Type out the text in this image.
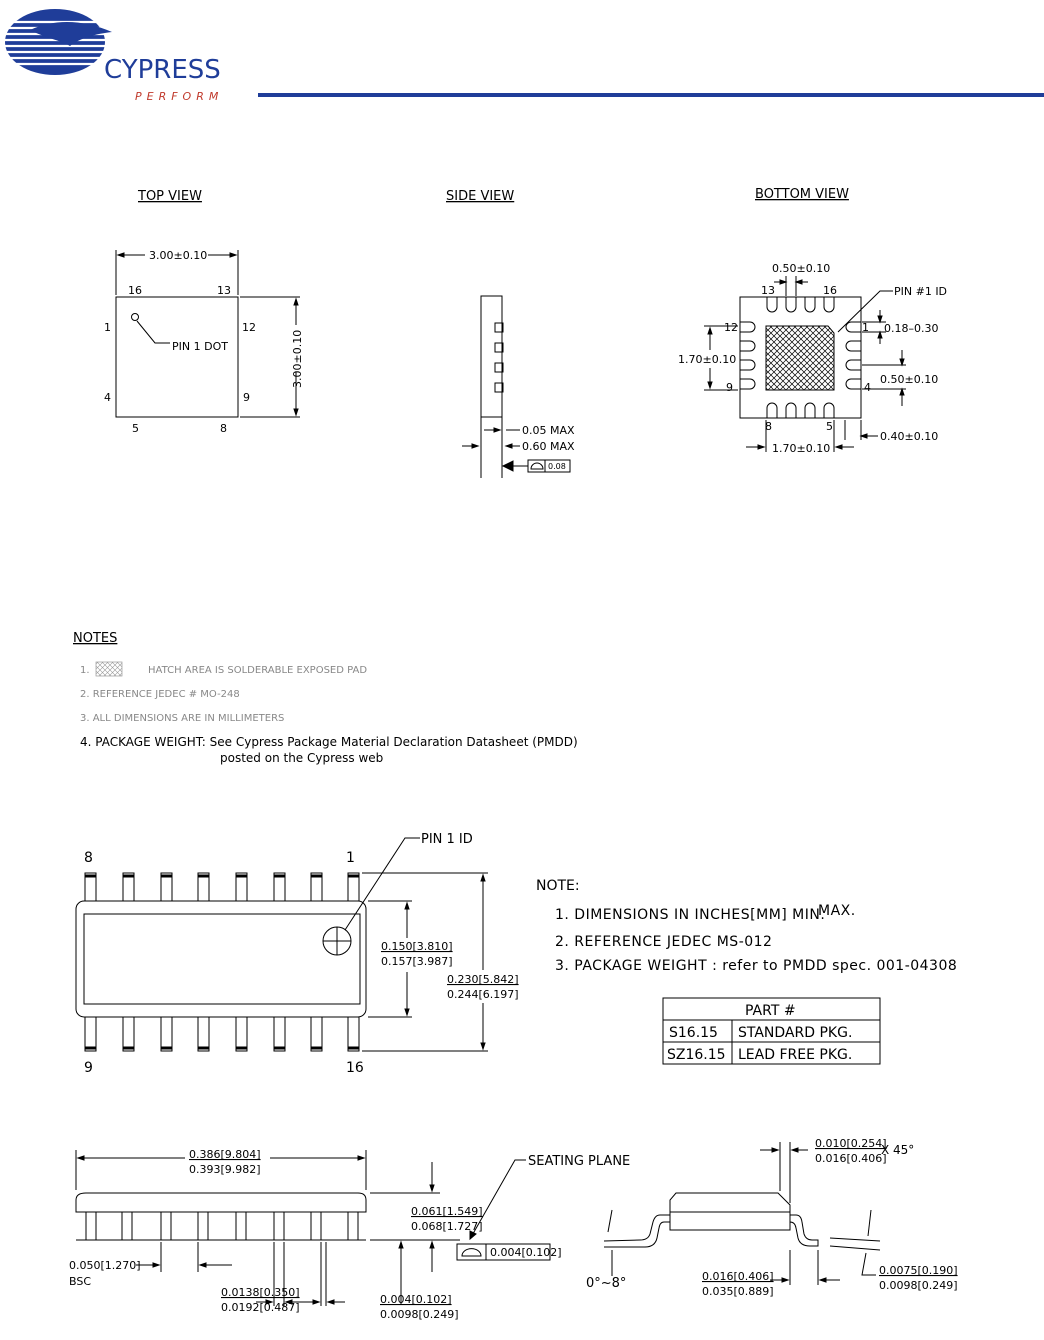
CYPRESS
PERFORM
TOP VIEW
3.00±0.10
3.00±0.10
16	13
1	12
4	9
5	8
PIN 1 DOT
SIDE VIEW
0.05 MAX
0.60 MAX
0.08
BOTTOM VIEW
0.50±0.10
PIN #1 ID
0.18–0.30
1.70±0.10
0.50±0.10
1.70±0.10
0.40±0.10
13	16
12	1
9	4
8	5
NOTES
1.	HATCH AREA IS SOLDERABLE EXPOSED PAD
2. REFERENCE JEDEC # MO-248
3. ALL DIMENSIONS ARE IN MILLIMETERS
4. PACKAGE WEIGHT: See Cypress Package Material Declaration Datasheet (PMDD)
posted on the Cypress web
8	1
9	16
PIN 1 ID
0.150[3.810]
0.157[3.987]
0.230[5.842]
0.244[6.197]
NOTE:
1. DIMENSIONS IN INCHES[MM] MIN.
MAX.
2. REFERENCE JEDEC MS-012
3. PACKAGE WEIGHT : refer to PMDD spec. 001-04308
PART #
S16.15 STANDARD PKG.
SZ16.15 LEAD FREE PKG.
0.386[9.804]
0.393[9.982]
SEATING PLANE
0.061[1.549]
0.068[1.727]
0.004[0.102]
0.050[1.270]
BSC
0.0138[0.350]
0.0192[0.487]
0.004[0.102]
0.0098[0.249]
0.010[0.254]
0.016[0.406]
X 45°
0°~8°	0.016[0.406]
0.035[0.889]
0.0075[0.190]
0.0098[0.249]
